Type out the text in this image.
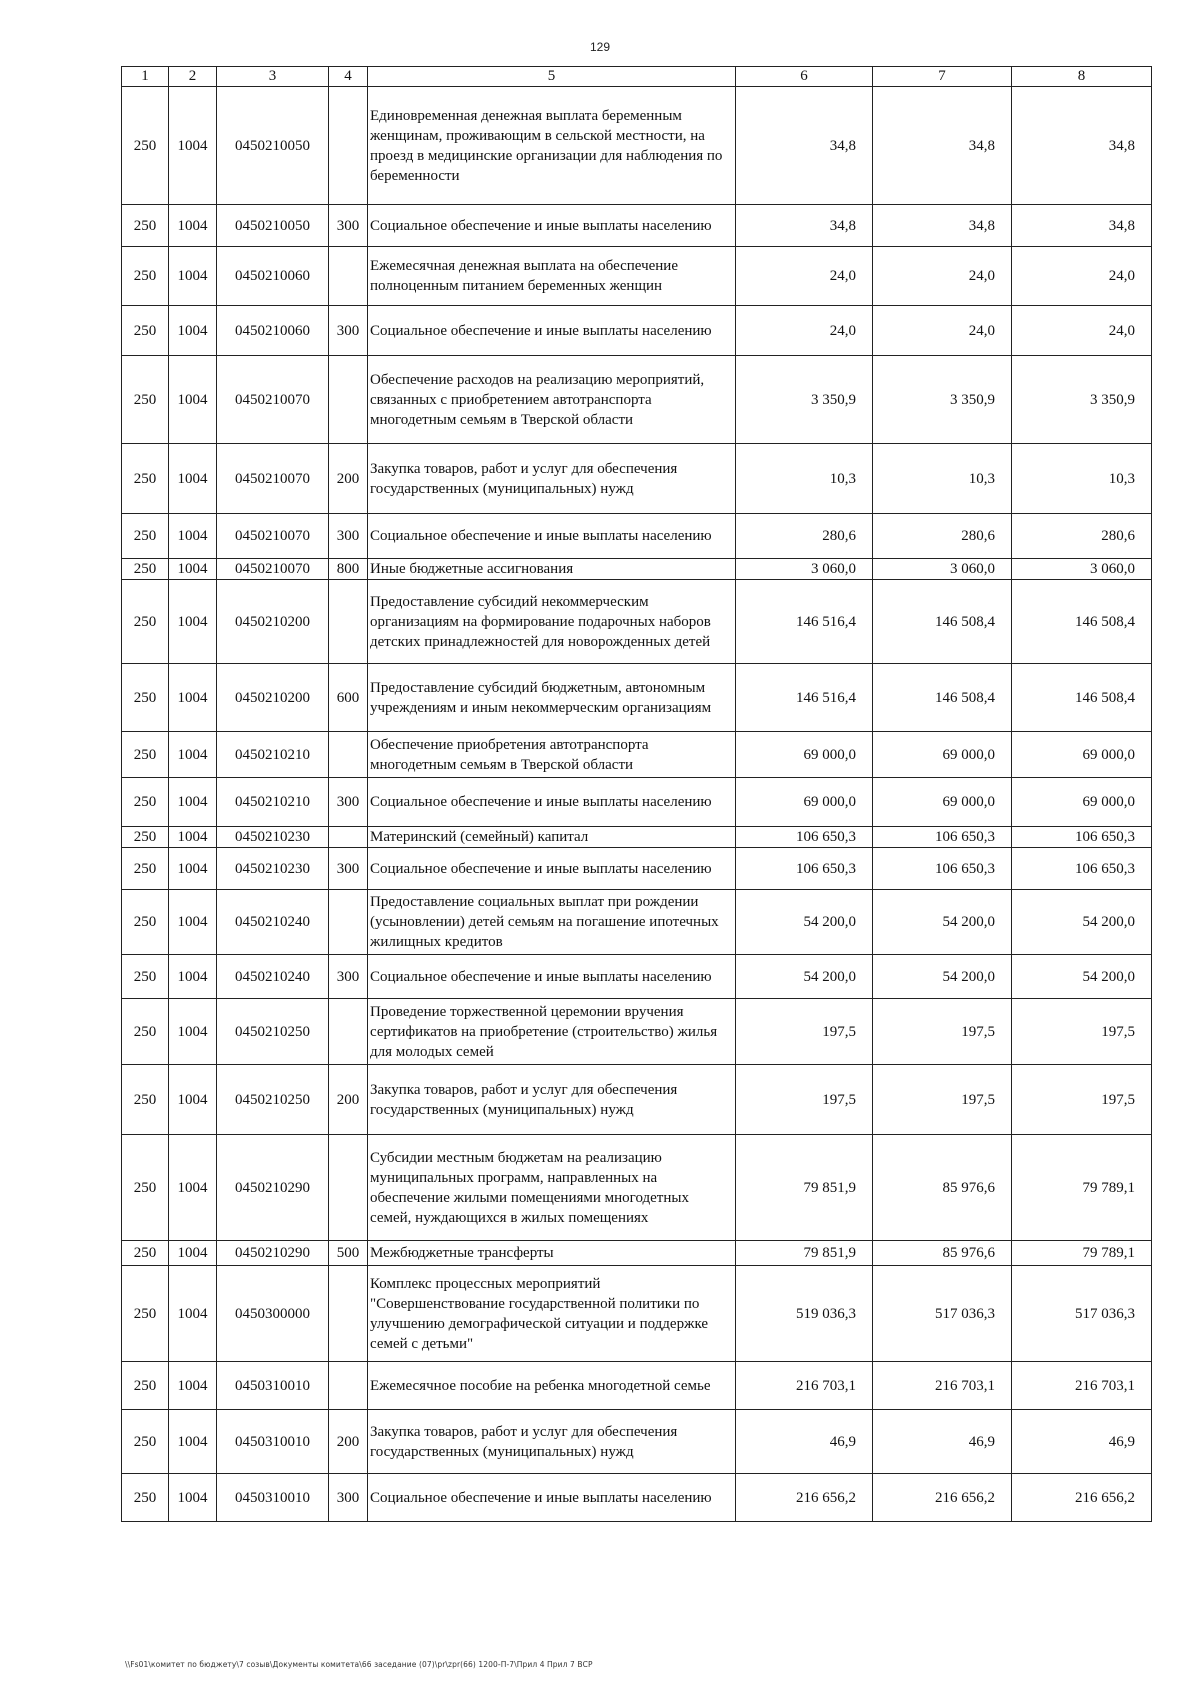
129
1	2	3	4	5	6	7	8
250	1004	0450210050		Единовременная денежная выплата беременным женщинам, проживающим в сельской местности, на проезд в медицинские организации для наблюдения по беременности	34,8	34,8	34,8
250	1004	0450210050	300	Социальное обеспечение и иные выплаты населению	34,8	34,8	34,8
250	1004	0450210060		Ежемесячная денежная выплата на обеспечение полноценным питанием беременных женщин	24,0	24,0	24,0
250	1004	0450210060	300	Социальное обеспечение и иные выплаты населению	24,0	24,0	24,0
250	1004	0450210070		Обеспечение расходов на реализацию мероприятий, связанных с приобретением автотранспорта многодетным семьям в Тверской области	3 350,9	3 350,9	3 350,9
250	1004	0450210070	200	Закупка товаров, работ и услуг для обеспечения государственных (муниципальных) нужд	10,3	10,3	10,3
250	1004	0450210070	300	Социальное обеспечение и иные выплаты населению	280,6	280,6	280,6
250	1004	0450210070	800	Иные бюджетные ассигнования	3 060,0	3 060,0	3 060,0
250	1004	0450210200		Предоставление субсидий некоммерческим организациям на формирование подарочных наборов детских принадлежностей для новорожденных детей	146 516,4	146 508,4	146 508,4
250	1004	0450210200	600	Предоставление субсидий бюджетным, автономным учреждениям и иным некоммерческим организациям	146 516,4	146 508,4	146 508,4
250	1004	0450210210		Обеспечение приобретения автотранспорта многодетным семьям в Тверской области	69 000,0	69 000,0	69 000,0
250	1004	0450210210	300	Социальное обеспечение и иные выплаты населению	69 000,0	69 000,0	69 000,0
250	1004	0450210230		Материнский (семейный) капитал	106 650,3	106 650,3	106 650,3
250	1004	0450210230	300	Социальное обеспечение и иные выплаты населению	106 650,3	106 650,3	106 650,3
250	1004	0450210240		Предоставление социальных выплат при рождении (усыновлении) детей семьям на погашение ипотечных жилищных кредитов	54 200,0	54 200,0	54 200,0
250	1004	0450210240	300	Социальное обеспечение и иные выплаты населению	54 200,0	54 200,0	54 200,0
250	1004	0450210250		Проведение торжественной церемонии вручения сертификатов на приобретение (строительство) жилья для молодых семей	197,5	197,5	197,5
250	1004	0450210250	200	Закупка товаров, работ и услуг для обеспечения государственных (муниципальных) нужд	197,5	197,5	197,5
250	1004	0450210290		Субсидии местным бюджетам на реализацию муниципальных программ, направленных на обеспечение жилыми помещениями многодетных семей, нуждающихся в жилых помещениях	79 851,9	85 976,6	79 789,1
250	1004	0450210290	500	Межбюджетные трансферты	79 851,9	85 976,6	79 789,1
250	1004	0450300000		Комплекс процессных мероприятий "Совершенствование государственной политики по улучшению демографической ситуации и поддержке семей с детьми"	519 036,3	517 036,3	517 036,3
250	1004	0450310010		Ежемесячное пособие на ребенка многодетной семье	216 703,1	216 703,1	216 703,1
250	1004	0450310010	200	Закупка товаров, работ и услуг для обеспечения государственных (муниципальных) нужд	46,9	46,9	46,9
250	1004	0450310010	300	Социальное обеспечение и иные выплаты населению	216 656,2	216 656,2	216 656,2
\\Fs01\комитет по бюджету\7 созыв\Документы комитета\66 заседание (07)\pr\zpr(66) 1200-П-7\Прил 4 Прил 7 ВСР
